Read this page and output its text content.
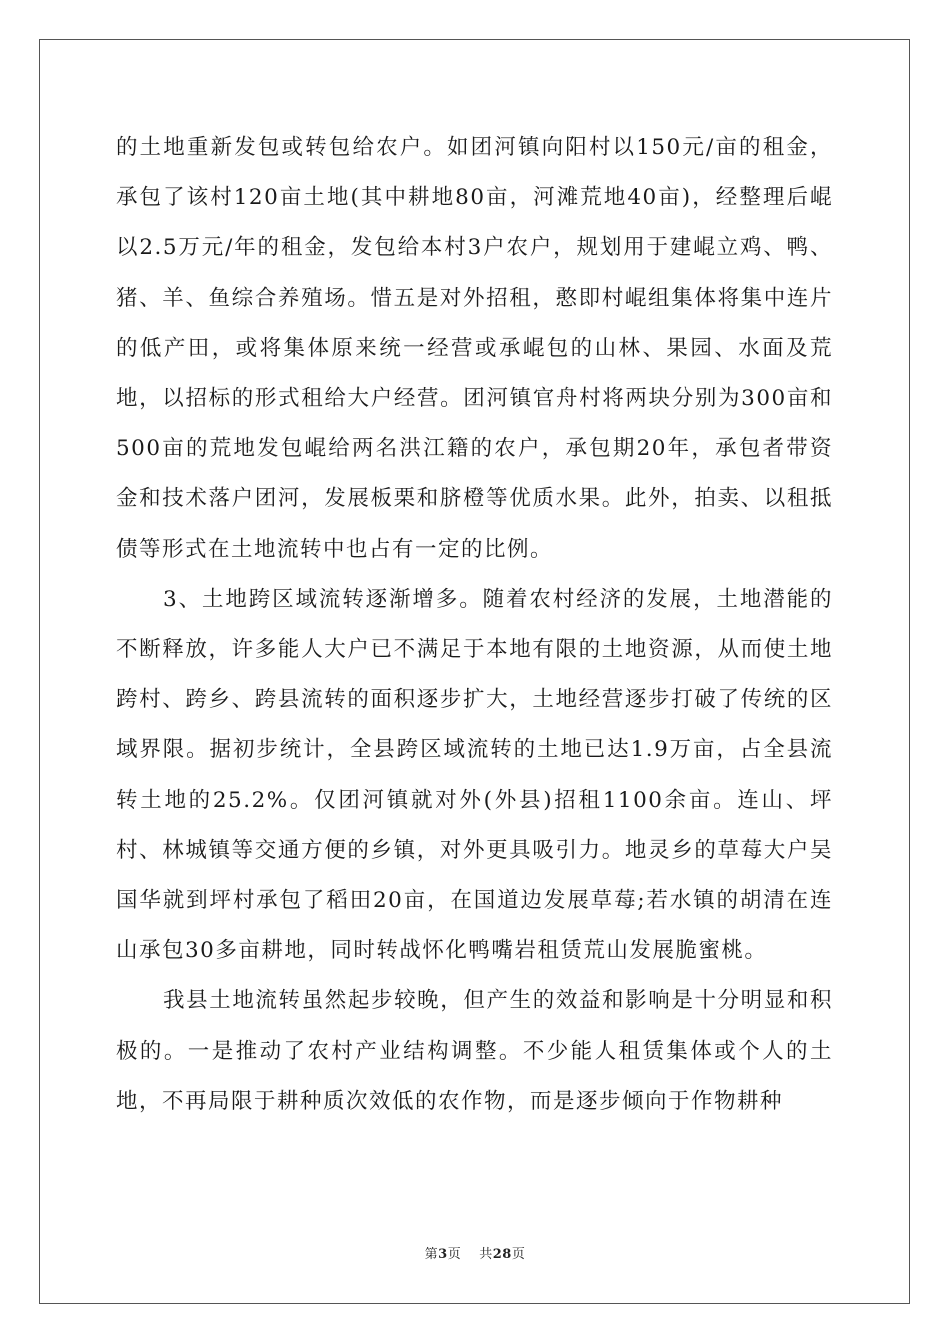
的土地重新发包或转包给农户。如团河镇向阳村以150元/亩的租金，承包了该村120亩土地(其中耕地80亩，河滩荒地40亩)，经整理后崐以2.5万元/年的租金，发包给本村3户农户，规划用于建崐立鸡、鸭、猪、羊、鱼综合养殖场。惜五是对外招租，憨即村崐组集体将集中连片的低产田，或将集体原来统一经营或承崐包的山林、果园、水面及荒地，以招标的形式租给大户经营。团河镇官舟村将两块分别为300亩和500亩的荒地发包崐给两名洪江籍的农户，承包期20年，承包者带资金和技术落户团河，发展板栗和脐橙等优质水果。此外，拍卖、以租抵债等形式在土地流转中也占有一定的比例。

3、土地跨区域流转逐渐增多。随着农村经济的发展，土地潜能的不断释放，许多能人大户已不满足于本地有限的土地资源，从而使土地跨村、跨乡、跨县流转的面积逐步扩大，土地经营逐步打破了传统的区域界限。据初步统计，全县跨区域流转的土地已达1.9万亩，占全县流转土地的25.2%。仅团河镇就对外(外县)招租1100余亩。连山、坪村、林城镇等交通方便的乡镇，对外更具吸引力。地灵乡的草莓大户吴国华就到坪村承包了稻田20亩，在国道边发展草莓;若水镇的胡清在连山承包30多亩耕地，同时转战怀化鸭嘴岩租赁荒山发展脆蜜桃。

我县土地流转虽然起步较晚，但产生的效益和影响是十分明显和积极的。一是推动了农村产业结构调整。不少能人租赁集体或个人的土地，不再局限于耕种质次效低的农作物，而是逐步倾向于作物耕种

第3页 共28页
